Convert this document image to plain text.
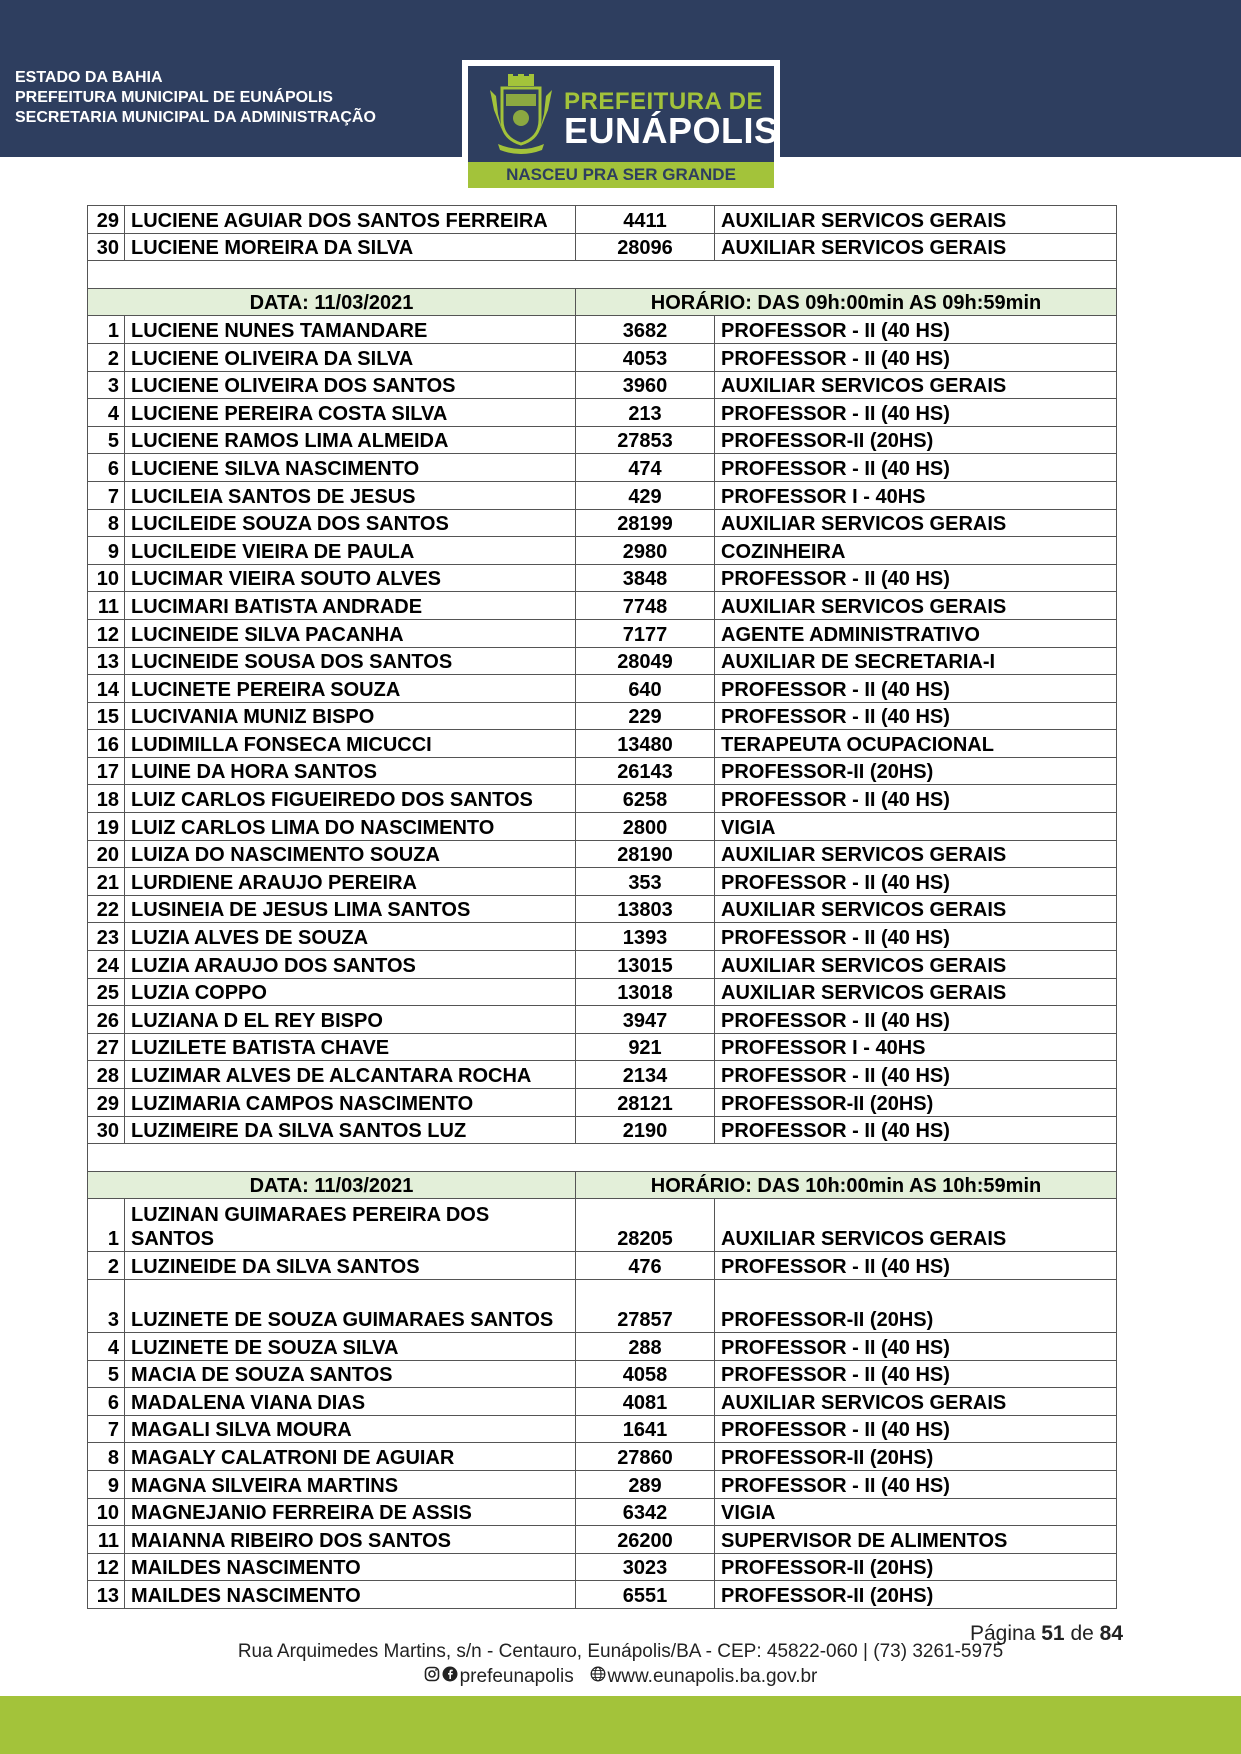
ESTADO DA BAHIA
PREFEITURA MUNICIPAL DE EUNÁPOLIS
SECRETARIA MUNICIPAL DA ADMINISTRAÇÃO
PREFEITURA DE
EUNÁPOLIS
NASCEU PRA SER GRANDE
29	LUCIENE AGUIAR DOS SANTOS FERREIRA	4411	AUXILIAR SERVICOS GERAIS
30	LUCIENE MOREIRA DA SILVA	28096	AUXILIAR SERVICOS GERAIS

DATA: 11/03/2021		HORÁRIO: DAS 09h:00min AS 09h:59min	
1	LUCIENE NUNES TAMANDARE	3682	PROFESSOR - II (40 HS)
2	LUCIENE OLIVEIRA DA SILVA	4053	PROFESSOR - II (40 HS)
3	LUCIENE OLIVEIRA DOS SANTOS	3960	AUXILIAR SERVICOS GERAIS
4	LUCIENE PEREIRA COSTA SILVA	213	PROFESSOR - II (40 HS)
5	LUCIENE RAMOS LIMA ALMEIDA	27853	PROFESSOR-II (20HS)
6	LUCIENE SILVA NASCIMENTO	474	PROFESSOR - II (40 HS)
7	LUCILEIA SANTOS DE JESUS	429	PROFESSOR I - 40HS
8	LUCILEIDE SOUZA DOS SANTOS	28199	AUXILIAR SERVICOS GERAIS
9	LUCILEIDE VIEIRA DE PAULA	2980	COZINHEIRA
10	LUCIMAR VIEIRA SOUTO ALVES	3848	PROFESSOR - II (40 HS)
11	LUCIMARI BATISTA ANDRADE	7748	AUXILIAR SERVICOS GERAIS
12	LUCINEIDE SILVA PACANHA	7177	AGENTE ADMINISTRATIVO
13	LUCINEIDE SOUSA DOS SANTOS	28049	AUXILIAR DE SECRETARIA-I
14	LUCINETE PEREIRA SOUZA	640	PROFESSOR - II (40 HS)
15	LUCIVANIA MUNIZ BISPO	229	PROFESSOR - II (40 HS)
16	LUDIMILLA FONSECA MICUCCI	13480	TERAPEUTA OCUPACIONAL
17	LUINE DA HORA SANTOS	26143	PROFESSOR-II (20HS)
18	LUIZ CARLOS FIGUEIREDO DOS SANTOS	6258	PROFESSOR - II (40 HS)
19	LUIZ CARLOS LIMA DO NASCIMENTO	2800	VIGIA
20	LUIZA DO NASCIMENTO SOUZA	28190	AUXILIAR SERVICOS GERAIS
21	LURDIENE ARAUJO PEREIRA	353	PROFESSOR - II (40 HS)
22	LUSINEIA DE JESUS LIMA SANTOS	13803	AUXILIAR SERVICOS GERAIS
23	LUZIA ALVES DE SOUZA	1393	PROFESSOR - II (40 HS)
24	LUZIA ARAUJO DOS SANTOS	13015	AUXILIAR SERVICOS GERAIS
25	LUZIA COPPO	13018	AUXILIAR SERVICOS GERAIS
26	LUZIANA D EL REY BISPO	3947	PROFESSOR - II (40 HS)
27	LUZILETE BATISTA CHAVE	921	PROFESSOR I - 40HS
28	LUZIMAR ALVES DE ALCANTARA ROCHA	2134	PROFESSOR - II (40 HS)
29	LUZIMARIA CAMPOS NASCIMENTO	28121	PROFESSOR-II (20HS)
30	LUZIMEIRE DA SILVA SANTOS LUZ	2190	PROFESSOR - II (40 HS)

DATA: 11/03/2021		HORÁRIO: DAS 10h:00min AS 10h:59min	
1	LUZINAN GUIMARAES PEREIRA DOS SANTOS	28205	AUXILIAR SERVICOS GERAIS
2	LUZINEIDE DA SILVA SANTOS	476	PROFESSOR - II (40 HS)
3	LUZINETE DE SOUZA GUIMARAES SANTOS	27857	PROFESSOR-II (20HS)
4	LUZINETE DE SOUZA SILVA	288	PROFESSOR - II (40 HS)
5	MACIA DE SOUZA SANTOS	4058	PROFESSOR - II (40 HS)
6	MADALENA VIANA DIAS	4081	AUXILIAR SERVICOS GERAIS
7	MAGALI SILVA MOURA	1641	PROFESSOR - II (40 HS)
8	MAGALY CALATRONI DE AGUIAR	27860	PROFESSOR-II (20HS)
9	MAGNA SILVEIRA MARTINS	289	PROFESSOR - II (40 HS)
10	MAGNEJANIO FERREIRA DE ASSIS	6342	VIGIA
11	MAIANNA RIBEIRO DOS SANTOS	26200	SUPERVISOR DE ALIMENTOS
12	MAILDES NASCIMENTO	3023	PROFESSOR-II (20HS)
13	MAILDES NASCIMENTO	6551	PROFESSOR-II (20HS)
Página 51 de 84
Rua Arquimedes Martins, s/n - Centauro, Eunápolis/BA - CEP: 45822-060 | (73) 3261-5975
prefeunapolis www.eunapolis.ba.gov.br
